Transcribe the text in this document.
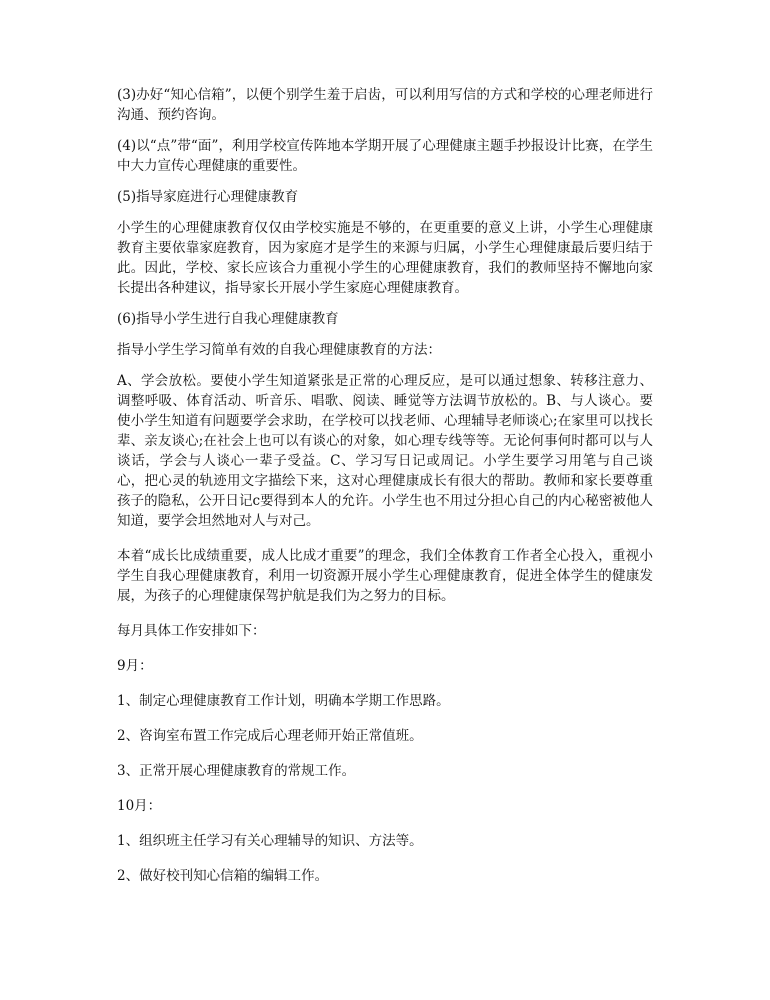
(3)办好“知心信箱”，以便个别学生羞于启齿，可以利用写信的方式和学校的心理老师进行沟通、预约咨询。

(4)以“点”带“面”，利用学校宣传阵地本学期开展了心理健康主题手抄报设计比赛，在学生中大力宣传心理健康的重要性。

(5)指导家庭进行心理健康教育

小学生的心理健康教育仅仅由学校实施是不够的，在更重要的意义上讲，小学生心理健康教育主要依靠家庭教育，因为家庭才是学生的来源与归属，小学生心理健康最后要归结于此。因此，学校、家长应该合力重视小学生的心理健康教育，我们的教师坚持不懈地向家长提出各种建议，指导家长开展小学生家庭心理健康教育。

(6)指导小学生进行自我心理健康教育

指导小学生学习简单有效的自我心理健康教育的方法：

A、学会放松。要使小学生知道紧张是正常的心理反应，是可以通过想象、转移注意力、调整呼吸、体育活动、听音乐、唱歌、阅读、睡觉等方法调节放松的。B、与人谈心。要使小学生知道有问题要学会求助，在学校可以找老师、心理辅导老师谈心;在家里可以找长辈、亲友谈心;在社会上也可以有谈心的对象，如心理专线等等。无论何事何时都可以与人谈话，学会与人谈心一辈子受益。C、学习写日记或周记。小学生要学习用笔与自己谈心，把心灵的轨迹用文字描绘下来，这对心理健康成长有很大的帮助。教师和家长要尊重孩子的隐私，公开日记c要得到本人的允许。小学生也不用过分担心自己的内心秘密被他人知道，要学会坦然地对人与对己。

本着“成长比成绩重要，成人比成才重要”的理念，我们全体教育工作者全心投入，重视小学生自我心理健康教育，利用一切资源开展小学生心理健康教育，促进全体学生的健康发展，为孩子的心理健康保驾护航是我们为之努力的目标。

每月具体工作安排如下：

9月：

1、制定心理健康教育工作计划，明确本学期工作思路。

2、咨询室布置工作完成后心理老师开始正常值班。

3、正常开展心理健康教育的常规工作。

10月：

1、组织班主任学习有关心理辅导的知识、方法等。

2、做好校刊知心信箱的编辑工作。
